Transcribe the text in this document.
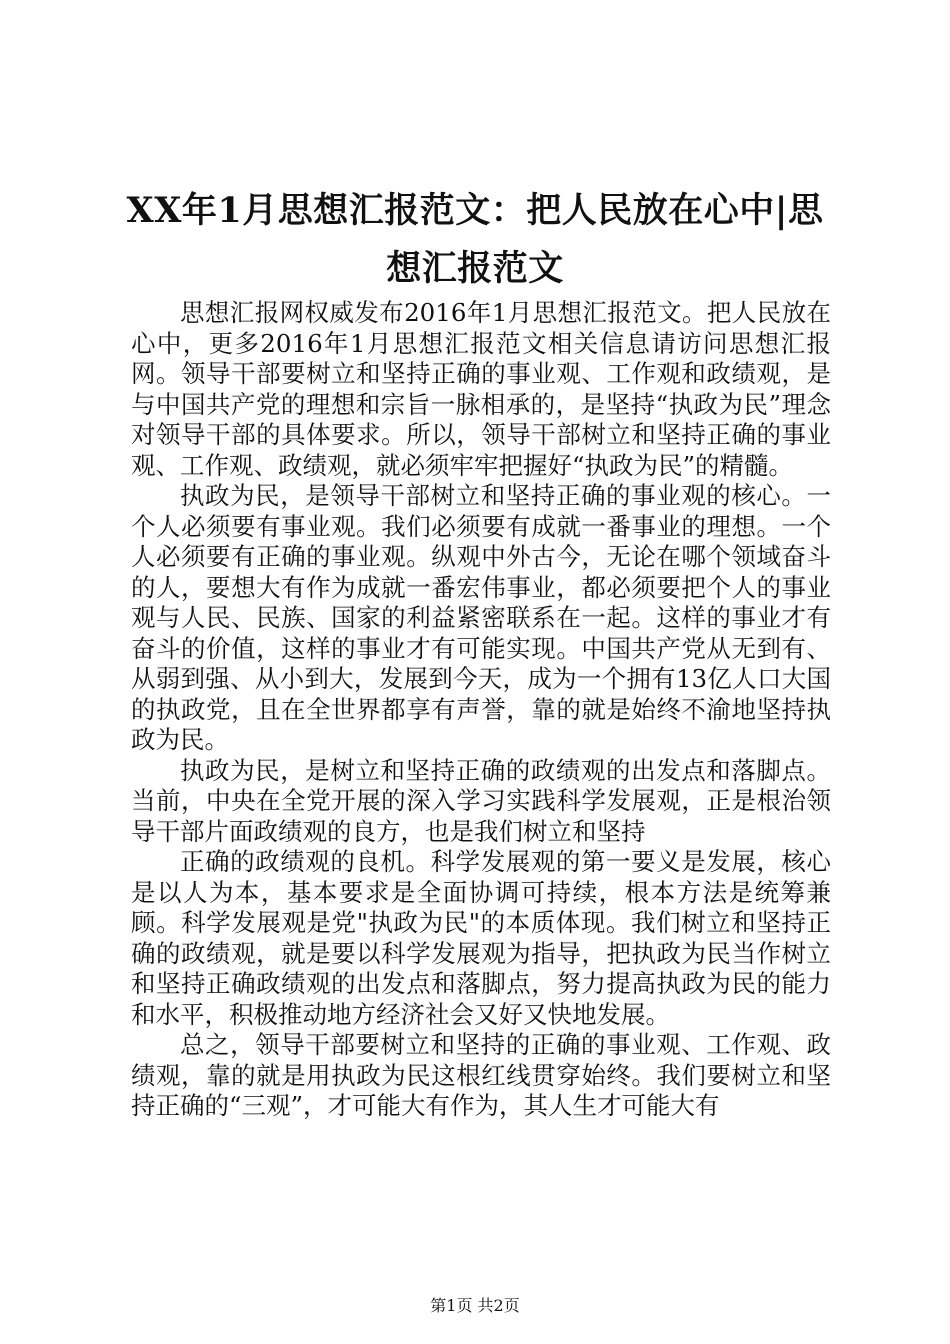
XX年1月思想汇报范文：把人民放在心中|思想汇报范文

思想汇报网权威发布2016年1月思想汇报范文。把人民放在心中，更多2016年1月思想汇报范文相关信息请访问思想汇报网。领导干部要树立和坚持正确的事业观、工作观和政绩观，是与中国共产党的理想和宗旨一脉相承的，是坚持“执政为民”理念对领导干部的具体要求。所以，领导干部树立和坚持正确的事业观、工作观、政绩观，就必须牢牢把握好“执政为民”的精髓。

执政为民，是领导干部树立和坚持正确的事业观的核心。一个人必须要有事业观。我们必须要有成就一番事业的理想。一个人必须要有正确的事业观。纵观中外古今，无论在哪个领域奋斗的人，要想大有作为成就一番宏伟事业，都必须要把个人的事业观与人民、民族、国家的利益紧密联系在一起。这样的事业才有奋斗的价值，这样的事业才有可能实现。中国共产党从无到有、从弱到强、从小到大，发展到今天，成为一个拥有13亿人口大国的执政党，且在全世界都享有声誉，靠的就是始终不渝地坚持执政为民。

执政为民，是树立和坚持正确的政绩观的出发点和落脚点。当前，中央在全党开展的深入学习实践科学发展观，正是根治领导干部片面政绩观的良方，也是我们树立和坚持

正确的政绩观的良机。科学发展观的第一要义是发展，核心是以人为本，基本要求是全面协调可持续，根本方法是统筹兼顾。科学发展观是党"执政为民"的本质体现。我们树立和坚持正确的政绩观，就是要以科学发展观为指导，把执政为民当作树立和坚持正确政绩观的出发点和落脚点，努力提高执政为民的能力和水平，积极推动地方经济社会又好又快地发展。

总之，领导干部要树立和坚持的正确的事业观、工作观、政绩观，靠的就是用执政为民这根红线贯穿始终。我们要树立和坚持正确的“三观”，才可能大有作为，其人生才可能大有

第1页 共2页
